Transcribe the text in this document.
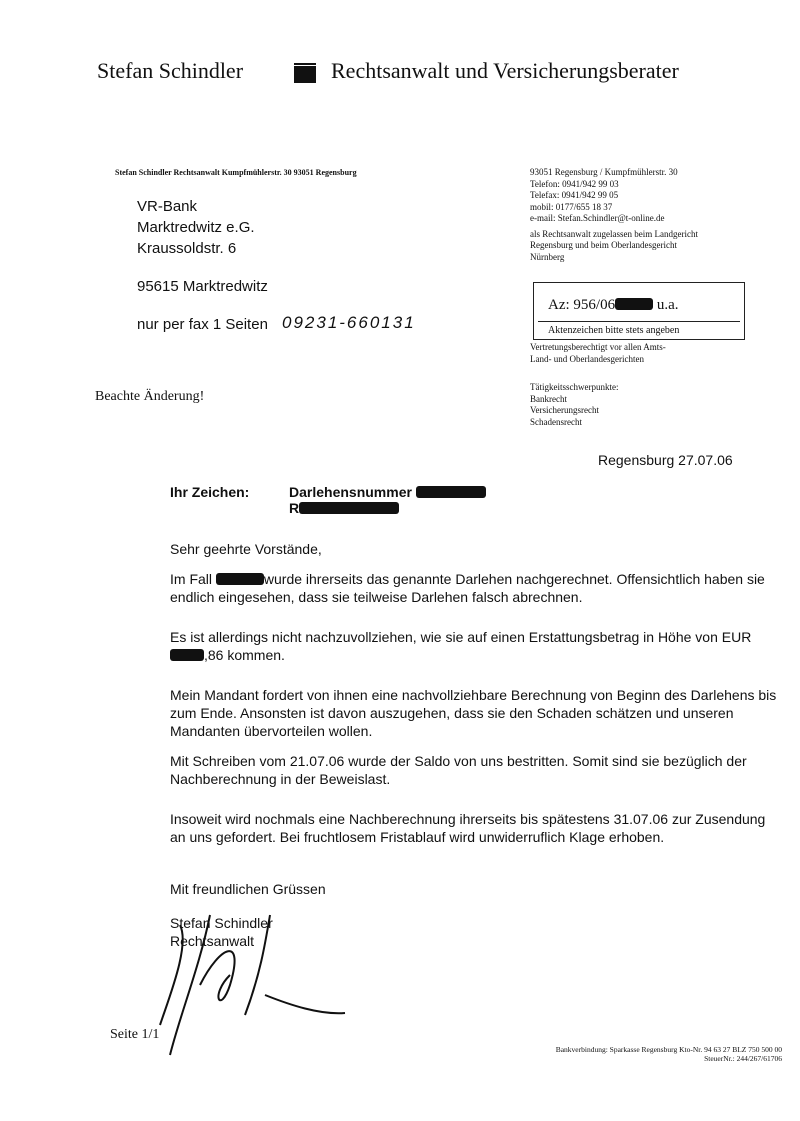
Stefan Schindler	Rechtsanwalt und Versicherungsberater
Stefan Schindler Rechtsanwalt Kumpfmühlerstr. 30 93051 Regensburg
VR-Bank
Marktredwitz e.G.
Kraussoldstr. 6
95615 Marktredwitz
nur per fax 1 Seiten 09231-660131
93051 Regensburg / Kumpfmühlerstr. 30
Telefon: 0941/942 99 03
Telefax: 0941/942 99 05
mobil: 0177/655 18 37
e-mail: Stefan.Schindler@t-online.de
als Rechtsanwalt zugelassen beim Landgericht
Regensburg und beim Oberlandesgericht
Nürnberg
Az: 956/06	u.a.
Aktenzeichen bitte stets angeben
Vertretungsberechtigt vor allen Amts-
Land- und Oberlandesgerichten
Tätigkeitsschwerpunkte:
Bankrecht
Versicherungsrecht
Schadensrecht
Beachte Änderung!
Regensburg 27.07.06
Ihr Zeichen:	Darlehensnummer
R
Sehr geehrte Vorstände,
Im Fall	wurde ihrerseits das genannte Darlehen nachgerechnet. Offensichtlich haben sie endlich eingesehen, dass sie teilweise Darlehen falsch abrechnen.
Es ist allerdings nicht nachzuvollziehen, wie sie auf einen Erstattungsbetrag in Höhe von EUR ,86 kommen.
Mein Mandant fordert von ihnen eine nachvollziehbare Berechnung von Beginn des Darlehens bis zum Ende. Ansonsten ist davon auszugehen, dass sie den Schaden schätzen und unseren Mandanten übervorteilen wollen.
Mit Schreiben vom 21.07.06 wurde der Saldo von uns bestritten. Somit sind sie bezüglich der Nachberechnung in der Beweislast.
Insoweit wird nochmals eine Nachberechnung ihrerseits bis spätestens 31.07.06 zur Zusendung an uns gefordert. Bei fruchtlosem Fristablauf wird unwiderruflich Klage erhoben.
Mit freundlichen Grüssen
Stefan Schindler
Rechtsanwalt
Seite 1/1
Bankverbindung: Sparkasse Regensburg Kto-Nr. 94 63 27 BLZ 750 500 00
SteuerNr.: 244/267/61706
